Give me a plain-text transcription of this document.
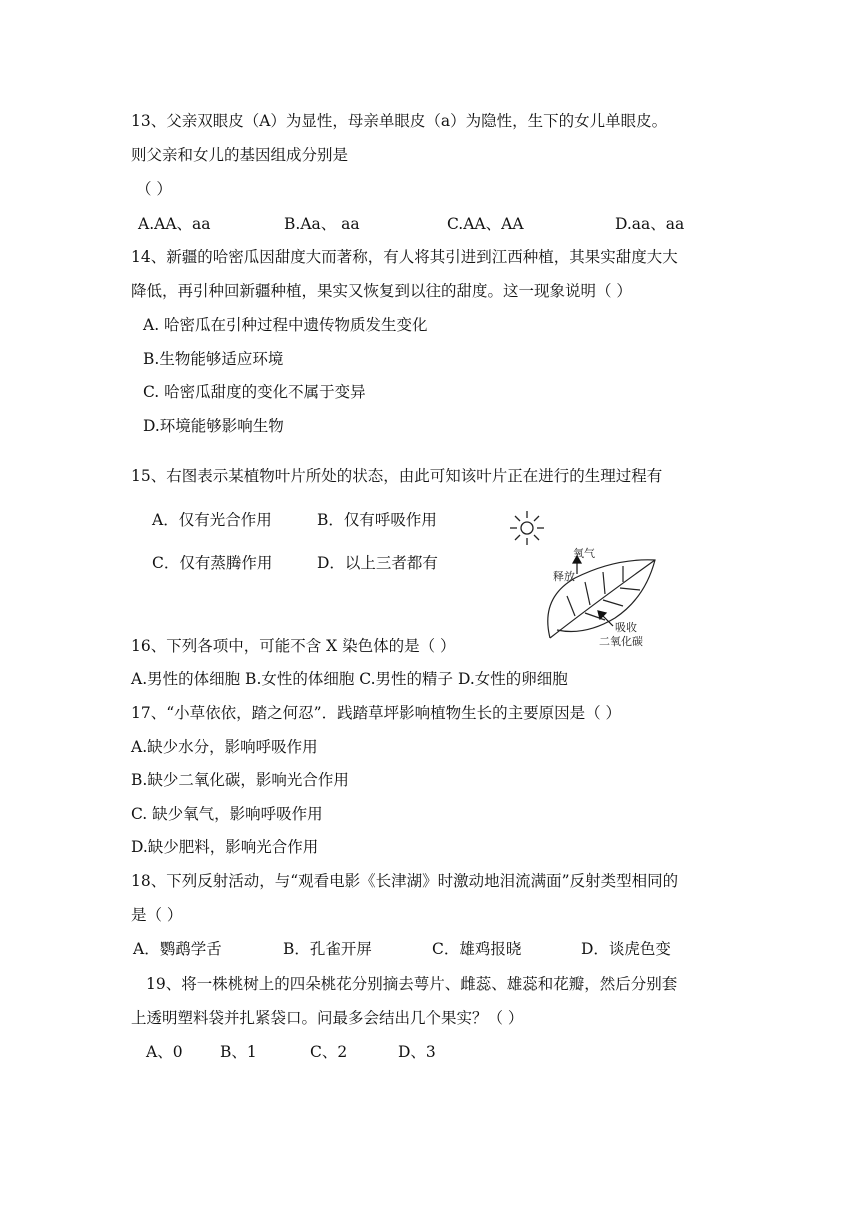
13、父亲双眼皮（A）为显性，母亲单眼皮（a）为隐性，生下的女儿单眼皮。
则父亲和女儿的基因组成分别是
（ ）
A.AA、aa	B.Aa、 aa	C.AA、AA	D.aa、aa
14、新疆的哈密瓜因甜度大而著称，有人将其引进到江西种植，其果实甜度大大
降低，再引种回新疆种植，果实又恢复到以往的甜度。这一现象说明（ ）
A. 哈密瓜在引种过程中遗传物质发生变化
B.生物能够适应环境
C. 哈密瓜甜度的变化不属于变异
D.环境能够影响生物
15、右图表示某植物叶片所处的状态，由此可知该叶片正在进行的生理过程有
A．仅有光合作用	B．仅有呼吸作用
C．仅有蒸腾作用	D．以上三者都有
氧气
释放
吸收
二氧化碳
16、下列各项中，可能不含 X 染色体的是（ ）
A.男性的体细胞 B.女性的体细胞 C.男性的精子 D.女性的卵细胞
17、“小草依依，踏之何忍”．践踏草坪影响植物生长的主要原因是（ ）
A.缺少水分，影响呼吸作用
B.缺少二氧化碳，影响光合作用
C. 缺少氧气，影响呼吸作用
D.缺少肥料，影响光合作用
18、下列反射活动，与“观看电影《长津湖》时激动地泪流满面”反射类型相同的
是（ ）
A．鹦鹉学舌	B．孔雀开屏	C．雄鸡报晓	D．谈虎色变
19、将一株桃树上的四朵桃花分别摘去萼片、雌蕊、雄蕊和花瓣，然后分别套
上透明塑料袋并扎紧袋口。问最多会结出几个果实？（ ）
A、0 B、1	C、2	D、3
